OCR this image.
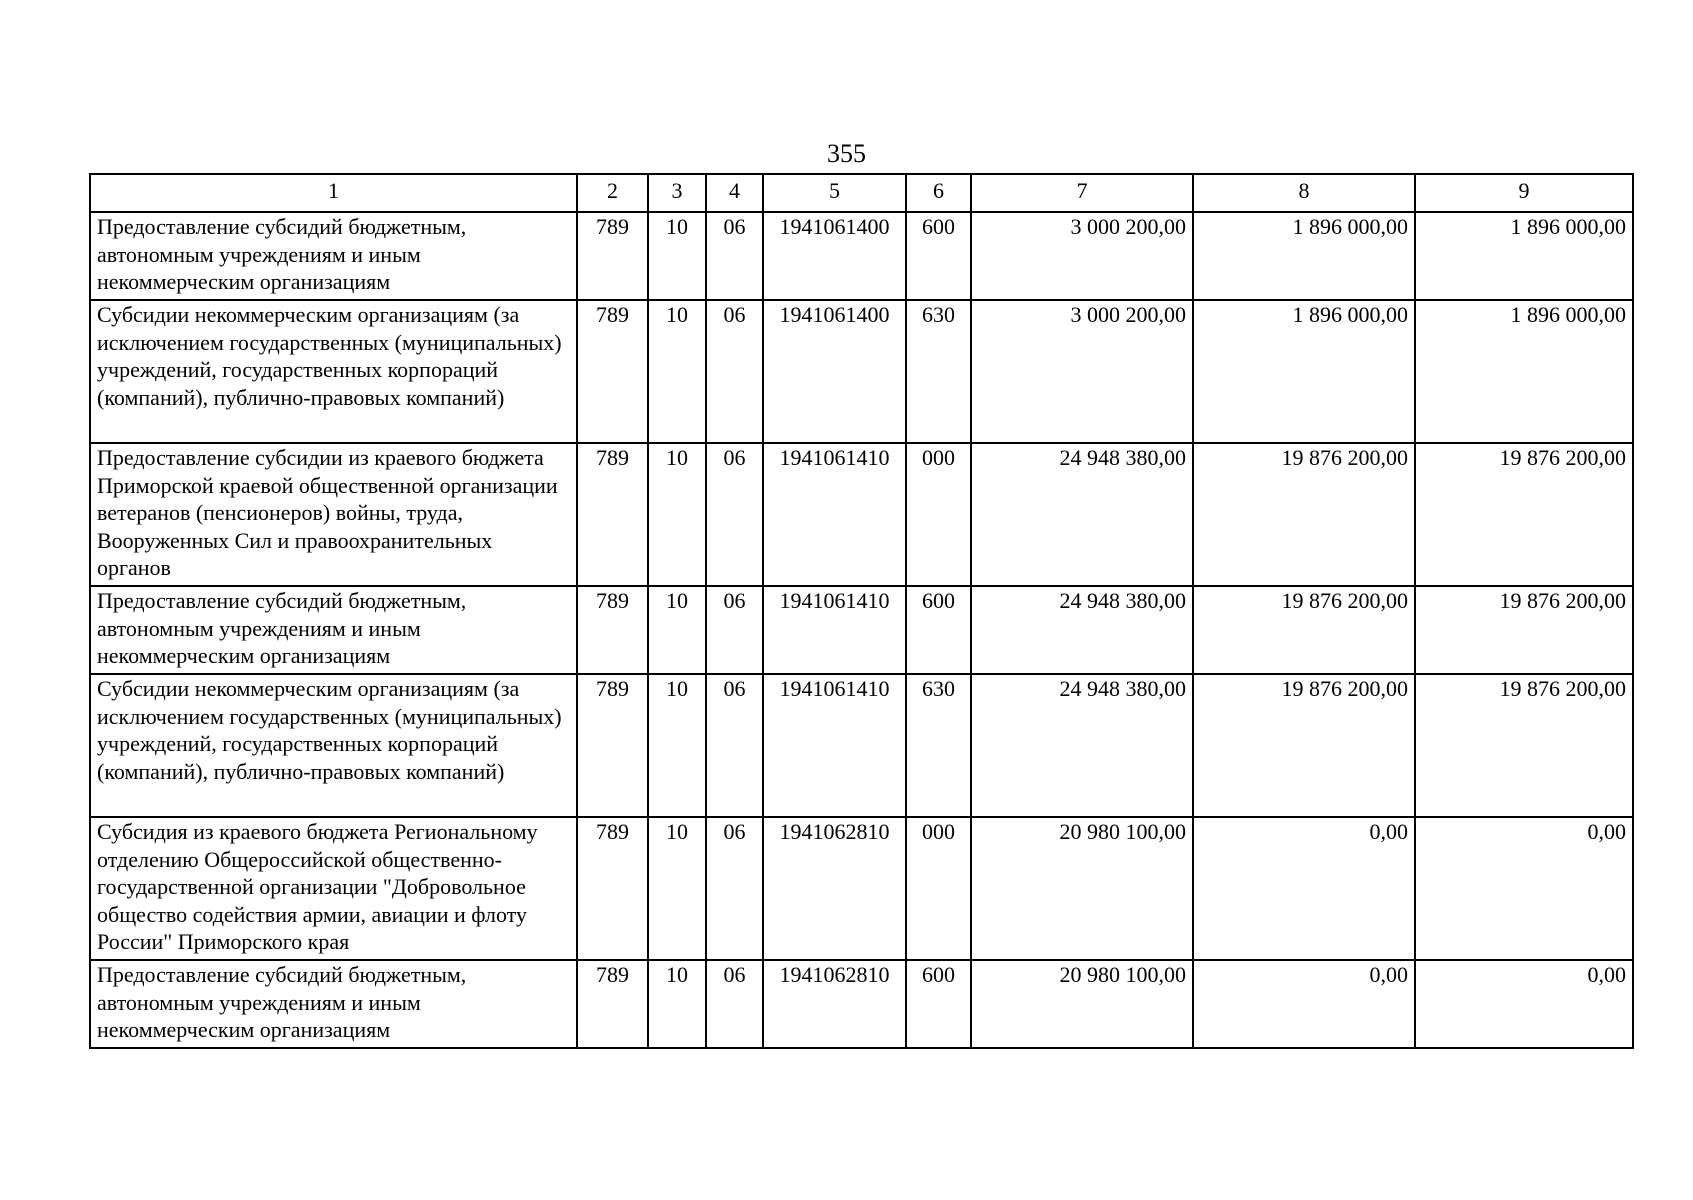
355
1	2	3	4	5	6	7	8	9
Предоставление субсидий бюджетным, автономным учреждениям и иным некоммерческим организациям	789	10	06	1941061400	600	3 000 200,00	1 896 000,00	1 896 000,00
Субсидии некоммерческим организациям (за исключением государственных (муниципальных) учреждений, государственных корпораций (компаний), публично-правовых компаний)	789	10	06	1941061400	630	3 000 200,00	1 896 000,00	1 896 000,00
Предоставление субсидии из краевого бюджета Приморской краевой общественной организации ветеранов (пенсионеров) войны, труда, Вооруженных Сил и правоохранительных органов	789	10	06	1941061410	000	24 948 380,00	19 876 200,00	19 876 200,00
Предоставление субсидий бюджетным, автономным учреждениям и иным некоммерческим организациям	789	10	06	1941061410	600	24 948 380,00	19 876 200,00	19 876 200,00
Субсидии некоммерческим организациям (за исключением государственных (муниципальных) учреждений, государственных корпораций (компаний), публично-правовых компаний)	789	10	06	1941061410	630	24 948 380,00	19 876 200,00	19 876 200,00
Субсидия из краевого бюджета Региональному отделению Общероссийской общественно-государственной организации "Добровольное общество содействия армии, авиации и флоту России" Приморского края	789	10	06	1941062810	000	20 980 100,00	0,00	0,00
Предоставление субсидий бюджетным, автономным учреждениям и иным некоммерческим организациям	789	10	06	1941062810	600	20 980 100,00	0,00	0,00
